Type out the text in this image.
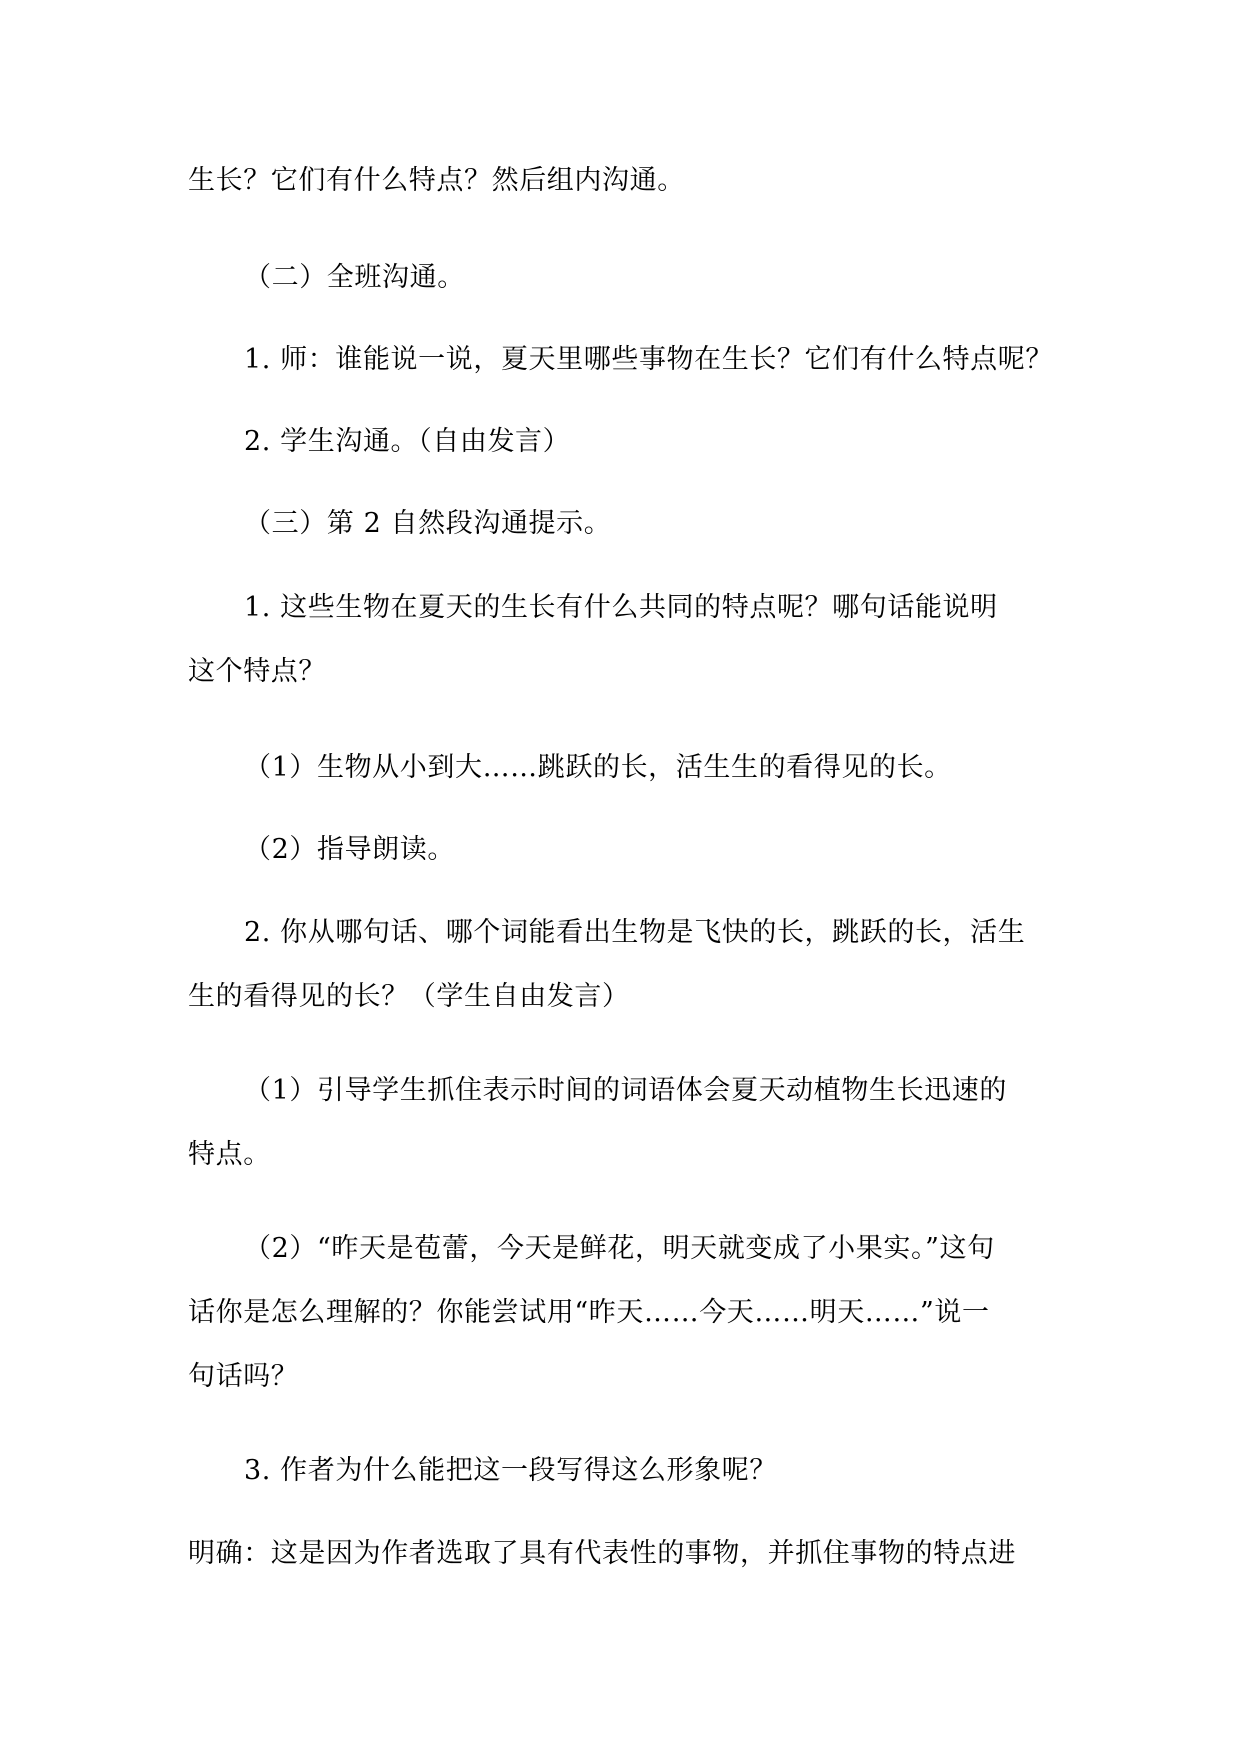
生长？它们有什么特点？然后组内沟通。
（二）全班沟通。
1. 师：谁能说一说，夏天里哪些事物在生长？它们有什么特点呢？
2. 学生沟通。（自由发言）
（三）第 2 自然段沟通提示。
1. 这些生物在夏天的生长有什么共同的特点呢？哪句话能说明
这个特点？
（1）生物从小到大……跳跃的长，活生生的看得见的长。
（2）指导朗读。
2. 你从哪句话、哪个词能看出生物是飞快的长，跳跃的长，活生
生的看得见的长？（学生自由发言）
（1）引导学生抓住表示时间的词语体会夏天动植物生长迅速的
特点。
（2）“昨天是苞蕾，今天是鲜花，明天就变成了小果实。”这句
话你是怎么理解的？你能尝试用“昨天……今天……明天……”说一
句话吗？
3. 作者为什么能把这一段写得这么形象呢？
明确：这是因为作者选取了具有代表性的事物，并抓住事物的特点进
